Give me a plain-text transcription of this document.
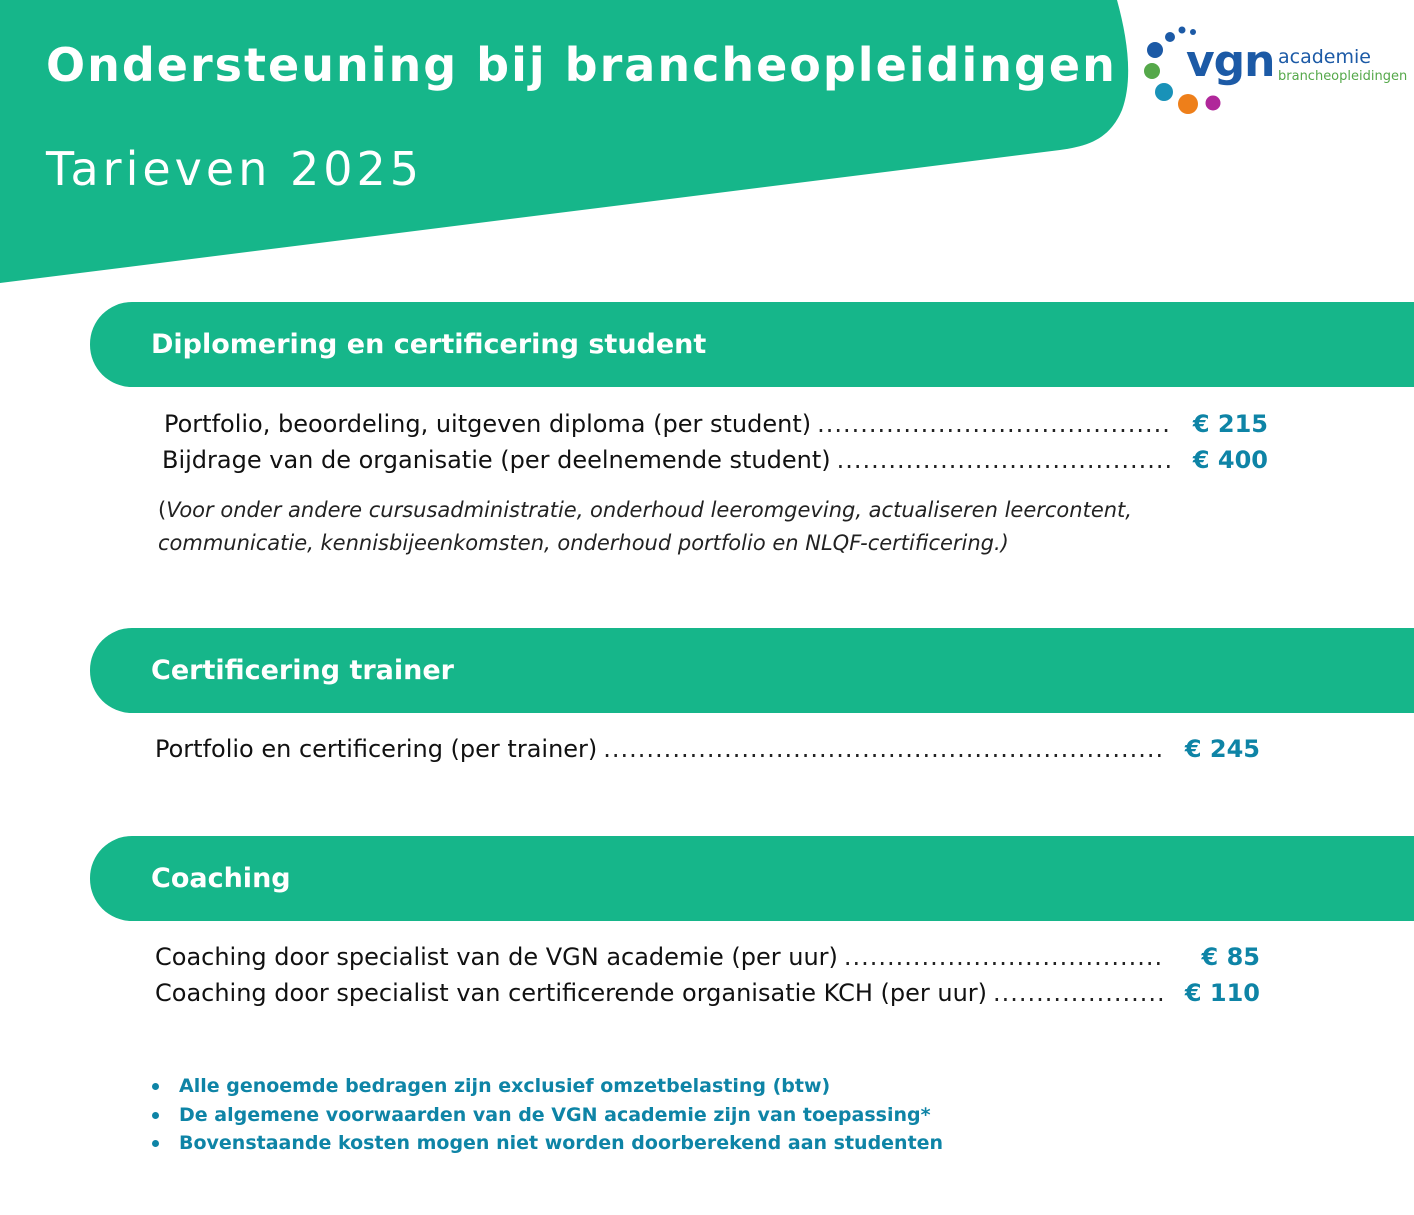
Ondersteuning bij brancheopleidingen
Tarieven 2025
vgn academie
brancheopleidingen
Diplomering en certificering student
Portfolio, beoordeling, uitgeven diploma (per student) .....	€ 215
Bijdrage van de organisatie (per deelnemende student) .....	€ 400

(Voor onder andere cursusadministratie, onderhoud leeromgeving, actualiseren leercontent, communicatie, kennisbijeenkomsten, onderhoud portfolio en NLQF-certificering.)

Certificering trainer
Portfolio en certificering (per trainer) .....	€ 245
Coaching
Coaching door specialist van de VGN academie (per uur) .....	€ 85
Coaching door specialist van certificerende organisatie KCH (per uur) .....	€ 110
Alle genoemde bedragen zijn exclusief omzetbelasting (btw)
De algemene voorwaarden van de VGN academie zijn van toepassing*
Bovenstaande kosten mogen niet worden doorberekend aan studenten
